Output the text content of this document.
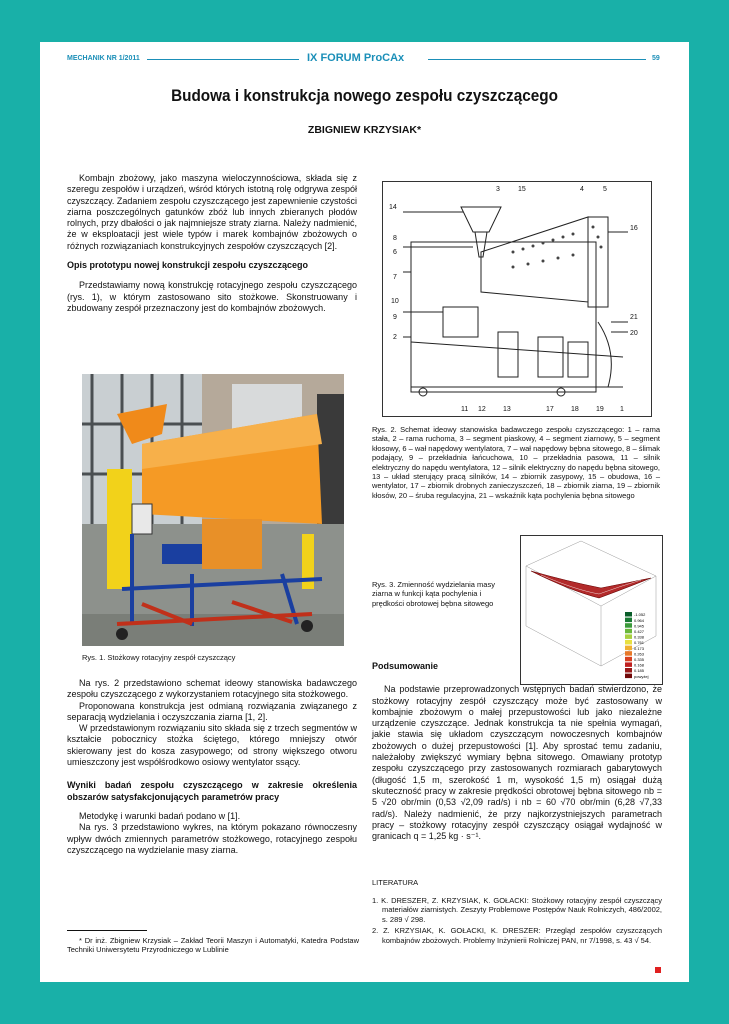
MECHANIK NR 1/2011	IX FORUM ProCAx	59
Budowa i konstrukcja nowego zespołu czyszczącego
ZBIGNIEW KRZYSIAK*

Kombajn zbożowy, jako maszyna wieloczynnościowa, składa się z szeregu zespołów i urządzeń, wśród których istotną rolę odgrywa zespół czyszczący. Zadaniem zespołu czyszczącego jest zapewnienie czystości ziarna poszczególnych gatunków zbóż lub innych zbieranych płodów rolnych, przy dbałości o jak najmniejsze straty ziarna. Należy nadmienić, że w eksploatacji jest wiele typów i marek kombajnów zbożowych o różnych rozwiązaniach konstrukcyjnych zespołów czyszczących [2].

Opis prototypu nowej konstrukcji zespołu czyszczącego

Przedstawiamy nową konstrukcję rotacyjnego zespołu czyszczącego (rys. 1), w którym zastosowano sito stożkowe. Skonstruowany i zbudowany zespół przeznaczony jest do kombajnów zbożowych.

Rys. 1. Stożkowy rotacyjny zespół czyszczący
3	15	4	5
14
16
8
6
7
10
9
2
21
20
11 12 13	17 18 19 1
Rys. 2. Schemat ideowy stanowiska badawczego zespołu czyszczącego: 1 – rama stała, 2 – rama ruchoma, 3 – segment piaskowy, 4 – segment ziarnowy, 5 – segment kłosowy, 6 – wał napędowy wentylatora, 7 – wał napędowy bębna sitowego, 8 – ślimak podający, 9 – przekładnia łańcuchowa, 10 – przekładnia pasowa, 11 – silnik elektryczny do napędu wentylatora, 12 – silnik elektryczny do napędu bębna sitowego, 13 – układ sterujący pracą silników, 14 – zbiornik zasypowy, 15 – obudowa, 16 – wentylator, 17 – zbiornik drobnych zanieczyszczeń, 18 – zbiornik ziarna, 19 – zbiornik kłosów, 20 – śruba regulacyjna, 21 – wskaźnik kąta pochylenia bębna sitowego
-1.052
0.964
0.945
0.427
0.338
0.761
0.173
0.263
0.335
0.168
0.185
powyżej
Rys. 3. Zmienność wydzielania masy ziarna w funkcji kąta pochylenia i prędkości obrotowej bębna sitowego

Na rys. 2 przedstawiono schemat ideowy stanowiska badawczego zespołu czyszczącego z wykorzystaniem rotacyjnego sita stożkowego.

Proponowana konstrukcja jest odmianą rozwiązania związanego z separacją wydzielania i oczyszczania ziarna [1, 2].

W przedstawionym rozwiązaniu sito składa się z trzech segmentów w kształcie pobocznicy stożka ściętego, którego mniejszy otwór skierowany jest do kosza zasypowego; od strony większego otworu umieszczony jest współśrodkowo osiowy wentylator ssący.

Wyniki badań zespołu czyszczącego w zakresie określenia obszarów satysfakcjonujących parametrów pracy

Metodykę i warunki badań podano w [1].

Na rys. 3 przedstawiono wykres, na którym pokazano równoczesny wpływ dwóch zmiennych parametrów stożkowego, rotacyjnego zespołu czyszczącego na wydzielanie masy ziarna.

* Dr inż. Zbigniew Krzysiak – Zakład Teorii Maszyn i Automatyki, Katedra Podstaw Techniki Uniwersytetu Przyrodniczego w Lublinie
Podsumowanie

Na podstawie przeprowadzonych wstępnych badań stwierdzono, że stożkowy rotacyjny zespół czyszczący może być zastosowany w kombajnie zbożowym o małej przepustowości lub jako niezależne urządzenie czyszczące. Jednak konstrukcja ta nie spełnia wymagań, jakie stawia się układom czyszczącym nowoczesnych kombajnów zbożowych o dużej przepustowości [1]. Aby sprostać temu zadaniu, należałoby zwiększyć wymiary bębna sitowego. Omawiany prototyp zespołu czyszczącego przy zastosowanych rozmiarach gabarytowych (długość 1,5 m, szerokość 1 m, wysokość 1,5 m) osiągał dużą skuteczność pracy w zakresie prędkości obrotowej bębna sitowego nb = 5 √20 obr/min (0,53 √2,09 rad/s) i nb = 60 √70 obr/min (6,28 √7,33 rad/s). Należy nadmienić, że przy najkorzystniejszych parametrach pracy – stożkowy rotacyjny zespół czyszczący osiągał wydajność w granicach q = 1,25 kg · s⁻¹.

LITERATURA
1. K. DRESZER, Z. KRZYSIAK, K. GOŁACKI: Stożkowy rotacyjny zespół czyszczący materiałów ziarnistych. Zeszyty Problemowe Postępów Nauk Rolniczych, 486/2002, s. 289 √ 298.
2. Z. KRZYSIAK, K. GOŁACKI, K. DRESZER: Przegląd zespołów czyszczących kombajnów zbożowych. Problemy Inżynierii Rolniczej PAN, nr 7/1998, s. 43 √ 54.
